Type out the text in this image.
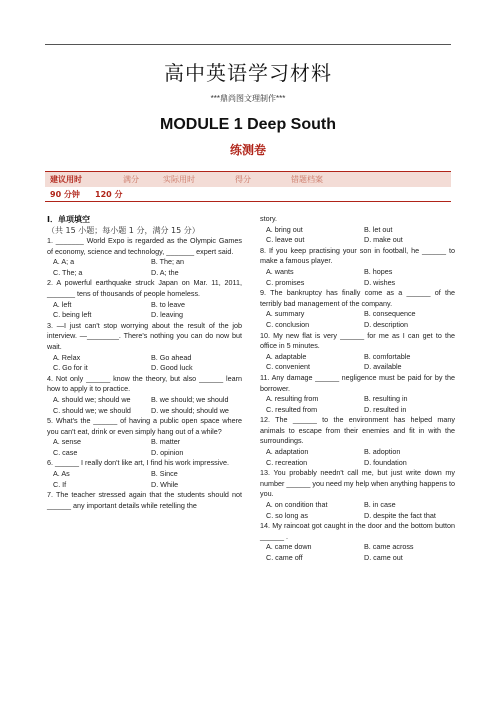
高中英语学习材料
***鼎尚图文理制作***
MODULE 1 Deep South
练测卷
建议用时	满分	实际用时	得分	错题档案
90 分钟 120 分
Ⅰ．单项填空（共 15 小题；每小题 1 分，满分 15 分）

1. _______ World Expo is regarded as the Olympic Games of economy, science and technology, _______ expert said.

A. A; a	B. The; an
C. The; a	D. A; the

2. A powerful earthquake struck Japan on Mar. 11, 2011, _______ tens of thousands of people homeless.

A. left	B. to leave
C. being left	D. leaving

3. —I just can't stop worrying about the result of the job interview. —________. There's nothing you can do now but wait.

A. Relax	B. Go ahead
C. Go for it	D. Good luck

4. Not only ______ know the theory, but also ______ learn how to apply it to practice.

A. should we; should we	B. we should; we should
C. should we; we should	D. we should; should we

5. What's the ______ of having a public open space where you can't eat, drink or even simply hang out of a while?

A. sense	B. matter
C. case	D. opinion

6. ______ I really don't like art, I find his work impressive.

A. As	B. Since
C. If	D. While

7. The teacher stressed again that the students should not ______ any important details while retelling the

story.

A. bring out	B. let out
C. leave out	D. make out

8. If you keep practising your son in football, he ______ to make a famous player.

A. wants	B. hopes
C. promises	D. wishes

9. The bankruptcy has finally come as a ______ of the terribly bad management of the company.

A. summary	B. consequence
C. conclusion	D. description

10. My new flat is very ______ for me as I can get to the office in 5 minutes.

A. adaptable	B. comfortable
C. convenient	D. available

11. Any damage ______ negligence must be paid for by the borrower.

A. resulting from	B. resulting in
C. resulted from	D. resulted in

12. The ______ to the environment has helped many animals to escape from their enemies and fit in with the surroundings.

A. adaptation	B. adoption
C. recreation	D. foundation

13. You probably needn't call me, but just write down my number ______ you need my help when anything happens to you.

A. on condition that	B. in case
C. so long as	D. despite the fact that

14. My raincoat got caught in the door and the bottom button ______ .

A. came down	B. came across
C. came off	D. came out
